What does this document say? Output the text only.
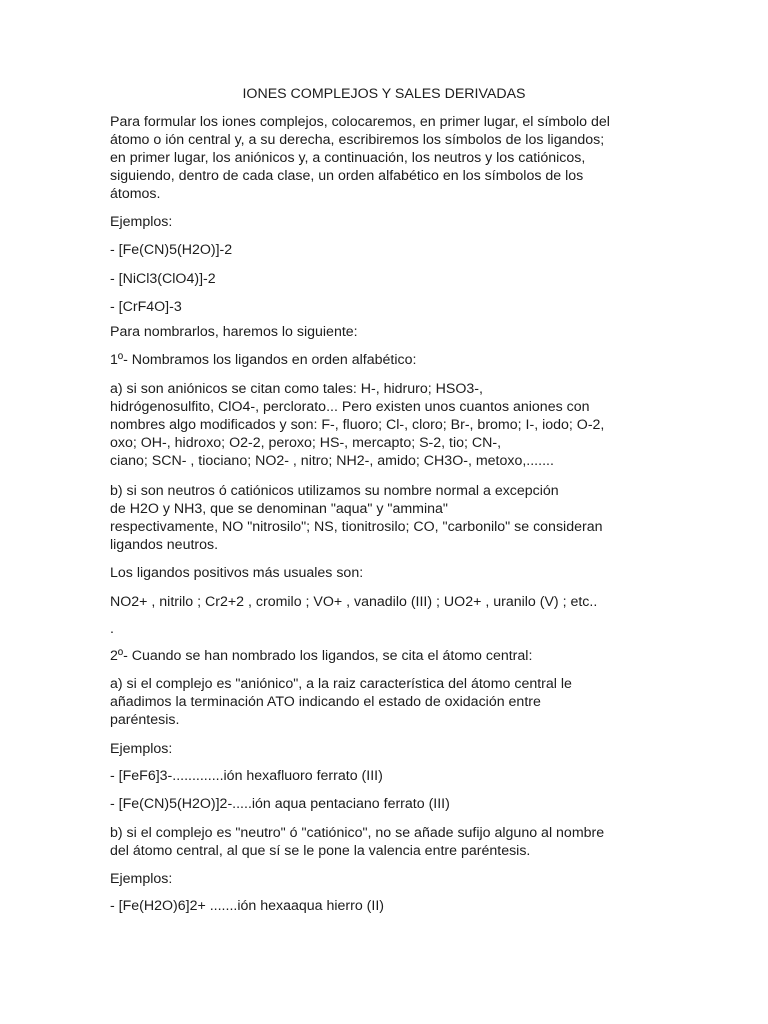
IONES COMPLEJOS Y SALES DERIVADAS

Para formular los iones complejos, colocaremos, en primer lugar, el símbolo del
átomo o ión central y, a su derecha, escribiremos los símbolos de los ligandos;
en primer lugar, los aniónicos y, a continuación, los neutros y los catiónicos,
siguiendo, dentro de cada clase, un orden alfabético en los símbolos de los
átomos.

Ejemplos:

- [Fe(CN)5(H2O)]-2

- [NiCl3(ClO4)]-2

- [CrF4O]-3

Para nombrarlos, haremos lo siguiente:

1º- Nombramos los ligandos en orden alfabético:

a) si son aniónicos se citan como tales: H-, hidruro; HSO3-,
hidrógenosulfito, ClO4-, perclorato... Pero existen unos cuantos aniones con
nombres algo modificados y son: F-, fluoro; Cl-, cloro; Br-, bromo; I-, iodo; O-2,
oxo; OH-, hidroxo; O2-2, peroxo; HS-, mercapto; S-2, tio; CN-,
ciano; SCN- , tiociano; NO2- , nitro; NH2-, amido; CH3O-, metoxo,.......

b) si son neutros ó catiónicos utilizamos su nombre normal a excepción
de H2O y NH3, que se denominan "aqua" y "ammina"
respectivamente, NO "nitrosilo"; NS, tionitrosilo; CO, "carbonilo" se consideran
ligandos neutros.

Los ligandos positivos más usuales son:

NO2+ , nitrilo ; Cr2+2 , cromilo ; VO+ , vanadilo (III) ; UO2+ , uranilo (V) ; etc..

.

2º- Cuando se han nombrado los ligandos, se cita el átomo central:

a) si el complejo es "aniónico", a la raiz característica del átomo central le
añadimos la terminación ATO indicando el estado de oxidación entre
paréntesis.

Ejemplos:

- [FeF6]3-.............ión hexafluoro ferrato (III)

- [Fe(CN)5(H2O)]2-.....ión aqua pentaciano ferrato (III)

b) si el complejo es "neutro" ó "catiónico", no se añade sufijo alguno al nombre
del átomo central, al que sí se le pone la valencia entre paréntesis.

Ejemplos:

- [Fe(H2O)6]2+ .......ión hexaaqua hierro (II)
